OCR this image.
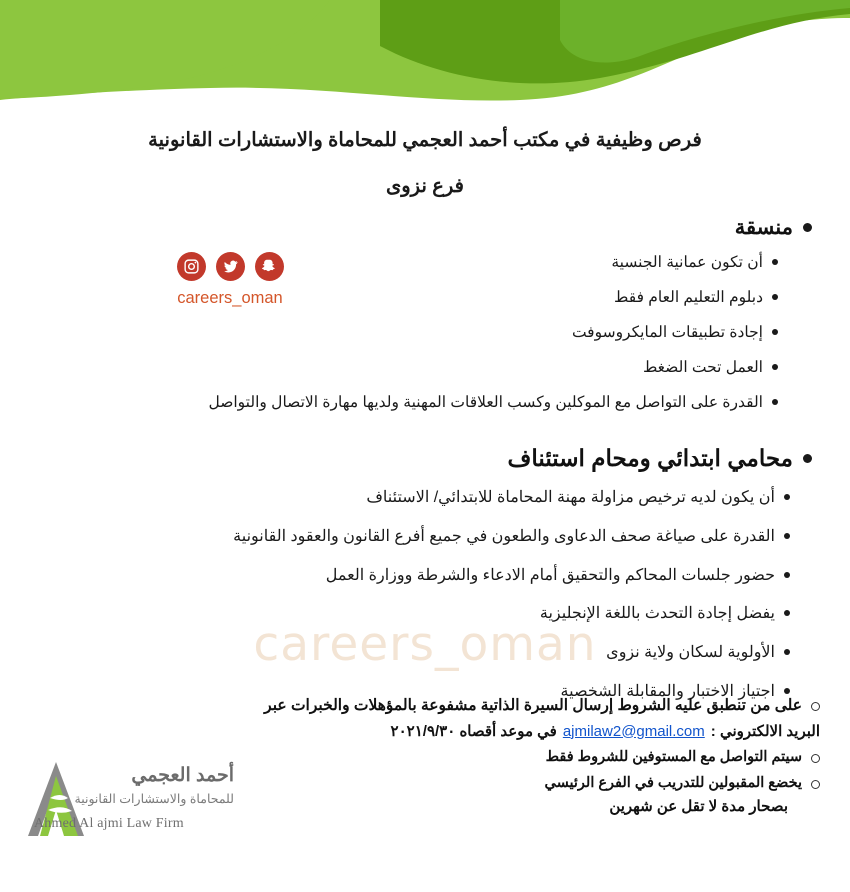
careers_oman
فرص وظيفية في مكتب أحمد العجمي للمحاماة والاستشارات القانونية
فرع نزوى
careers_oman
منسقة
أن تكون عمانية الجنسية
دبلوم التعليم العام فقط
إجادة تطبيقات المايكروسوفت
العمل تحت الضغط
القدرة على التواصل مع الموكلين وكسب العلاقات المهنية ولديها مهارة الاتصال والتواصل
محامي ابتدائي ومحام استئناف
أن يكون لديه ترخيص مزاولة مهنة المحاماة للابتدائي/ الاستئناف
القدرة على صياغة صحف الدعاوى والطعون في جميع أفرع القانون والعقود القانونية
حضور جلسات المحاكم والتحقيق أمام الادعاء والشرطة ووزارة العمل
يفضل إجادة التحدث باللغة الإنجليزية
الأولوية لسكان ولاية نزوى
اجتياز الاختبار والمقابلة الشخصية
على من تنطبق عليه الشروط إرسال السيرة الذاتية مشفوعة بالمؤهلات والخبرات عبر
البريد الالكتروني :
ajmilaw2@gmail.com
في موعد أقصاه ٢٠٢١/٩/٣٠
سيتم التواصل مع المستوفين للشروط فقط
يخضع المقبولين للتدريب في الفرع الرئيسي
بصحار مدة لا تقل عن شهرين
أحمد العجمي
للمحاماة والاستشارات القانونية
Ahmed Al ajmi Law Firm
